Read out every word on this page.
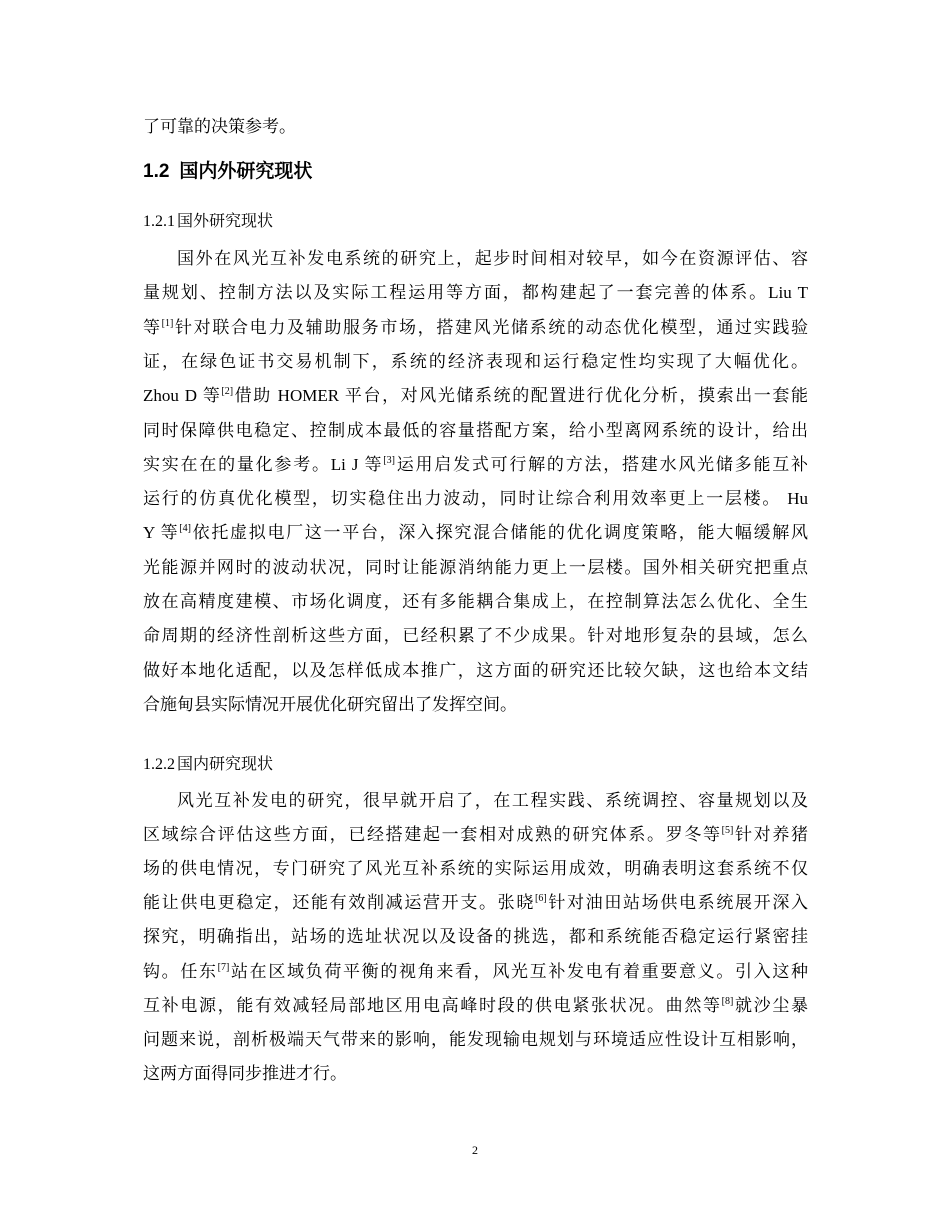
了可靠的决策参考。
1.2 国内外研究现状
1.2.1 国外研究现状
国外在风光互补发电系统的研究上，起步时间相对较早，如今在资源评估、容
量规划、控制方法以及实际工程运用等方面，都构建起了一套完善的体系。Liu T
等[1]针对联合电力及辅助服务市场，搭建风光储系统的动态优化模型，通过实践验
证，在绿色证书交易机制下，系统的经济表现和运行稳定性均实现了大幅优化。
Zhou D 等[2]借助 HOMER 平台，对风光储系统的配置进行优化分析，摸索出一套能
同时保障供电稳定、控制成本最低的容量搭配方案，给小型离网系统的设计，给出
实实在在的量化参考。Li J 等[3]运用启发式可行解的方法，搭建水风光储多能互补
运行的仿真优化模型，切实稳住出力波动，同时让综合利用效率更上一层楼。 Hu
Y 等[4]依托虚拟电厂这一平台，深入探究混合储能的优化调度策略，能大幅缓解风
光能源并网时的波动状况，同时让能源消纳能力更上一层楼。国外相关研究把重点
放在高精度建模、市场化调度，还有多能耦合集成上，在控制算法怎么优化、全生
命周期的经济性剖析这些方面，已经积累了不少成果。针对地形复杂的县域，怎么
做好本地化适配，以及怎样低成本推广，这方面的研究还比较欠缺，这也给本文结
合施甸县实际情况开展优化研究留出了发挥空间。
1.2.2 国内研究现状
风光互补发电的研究，很早就开启了，在工程实践、系统调控、容量规划以及
区域综合评估这些方面，已经搭建起一套相对成熟的研究体系。罗冬等[5]针对养猪
场的供电情况，专门研究了风光互补系统的实际运用成效，明确表明这套系统不仅
能让供电更稳定，还能有效削减运营开支。张晓[6]针对油田站场供电系统展开深入
探究，明确指出，站场的选址状况以及设备的挑选，都和系统能否稳定运行紧密挂
钩。任东[7]站在区域负荷平衡的视角来看，风光互补发电有着重要意义。引入这种
互补电源，能有效减轻局部地区用电高峰时段的供电紧张状况。曲然等[8]就沙尘暴
问题来说，剖析极端天气带来的影响，能发现输电规划与环境适应性设计互相影响，
这两方面得同步推进才行。
2
